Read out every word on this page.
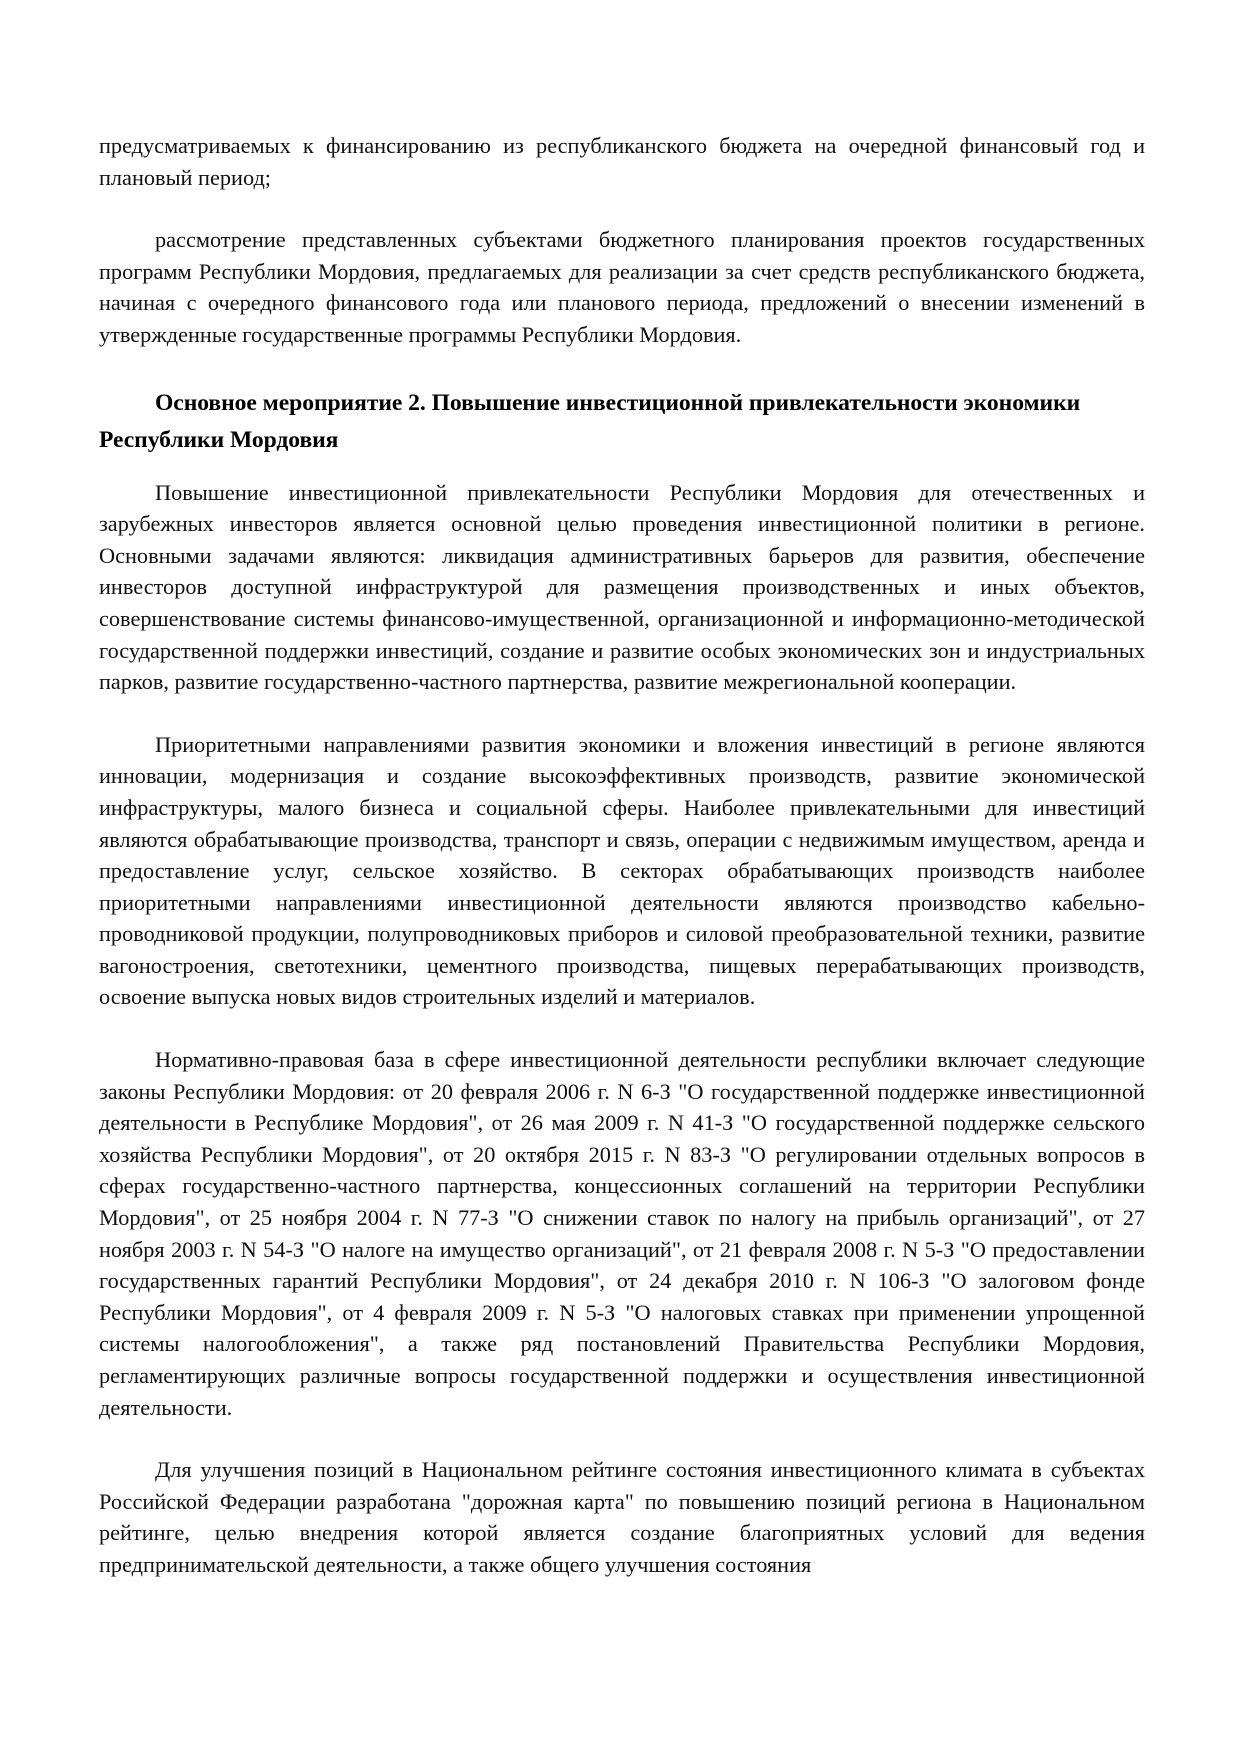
предусматриваемых к финансированию из республиканского бюджета на очередной финансовый год и плановый период;

рассмотрение представленных субъектами бюджетного планирования проектов государственных программ Республики Мордовия, предлагаемых для реализации за счет средств республиканского бюджета, начиная с очередного финансового года или планового периода, предложений о внесении изменений в утвержденные государственные программы Республики Мордовия.

Основное мероприятие 2. Повышение инвестиционной привлекательности экономики Республики Мордовия

Повышение инвестиционной привлекательности Республики Мордовия для отечественных и зарубежных инвесторов является основной целью проведения инвестиционной политики в регионе. Основными задачами являются: ликвидация административных барьеров для развития, обеспечение инвесторов доступной инфраструктурой для размещения производственных и иных объектов, совершенствование системы финансово-имущественной, организационной и информационно-методической государственной поддержки инвестиций, создание и развитие особых экономических зон и индустриальных парков, развитие государственно-частного партнерства, развитие межрегиональной кооперации.

Приоритетными направлениями развития экономики и вложения инвестиций в регионе являются инновации, модернизация и создание высокоэффективных производств, развитие экономической инфраструктуры, малого бизнеса и социальной сферы. Наиболее привлекательными для инвестиций являются обрабатывающие производства, транспорт и связь, операции с недвижимым имуществом, аренда и предоставление услуг, сельское хозяйство. В секторах обрабатывающих производств наиболее приоритетными направлениями инвестиционной деятельности являются производство кабельно-проводниковой продукции, полупроводниковых приборов и силовой преобразовательной техники, развитие вагоностроения, светотехники, цементного производства, пищевых перерабатывающих производств, освоение выпуска новых видов строительных изделий и материалов.

Нормативно-правовая база в сфере инвестиционной деятельности республики включает следующие законы Республики Мордовия: от 20 февраля 2006 г. N 6-З "О государственной поддержке инвестиционной деятельности в Республике Мордовия", от 26 мая 2009 г. N 41-З "О государственной поддержке сельского хозяйства Республики Мордовия", от 20 октября 2015 г. N 83-З "О регулировании отдельных вопросов в сферах государственно-частного партнерства, концессионных соглашений на территории Республики Мордовия", от 25 ноября 2004 г. N 77-З "О снижении ставок по налогу на прибыль организаций", от 27 ноября 2003 г. N 54-З "О налоге на имущество организаций", от 21 февраля 2008 г. N 5-З "О предоставлении государственных гарантий Республики Мордовия", от 24 декабря 2010 г. N 106-З "О залоговом фонде Республики Мордовия", от 4 февраля 2009 г. N 5-З "О налоговых ставках при применении упрощенной системы налогообложения", а также ряд постановлений Правительства Республики Мордовия, регламентирующих различные вопросы государственной поддержки и осуществления инвестиционной деятельности.

Для улучшения позиций в Национальном рейтинге состояния инвестиционного климата в субъектах Российской Федерации разработана "дорожная карта" по повышению позиций региона в Национальном рейтинге, целью внедрения которой является создание благоприятных условий для ведения предпринимательской деятельности, а также общего улучшения состояния
